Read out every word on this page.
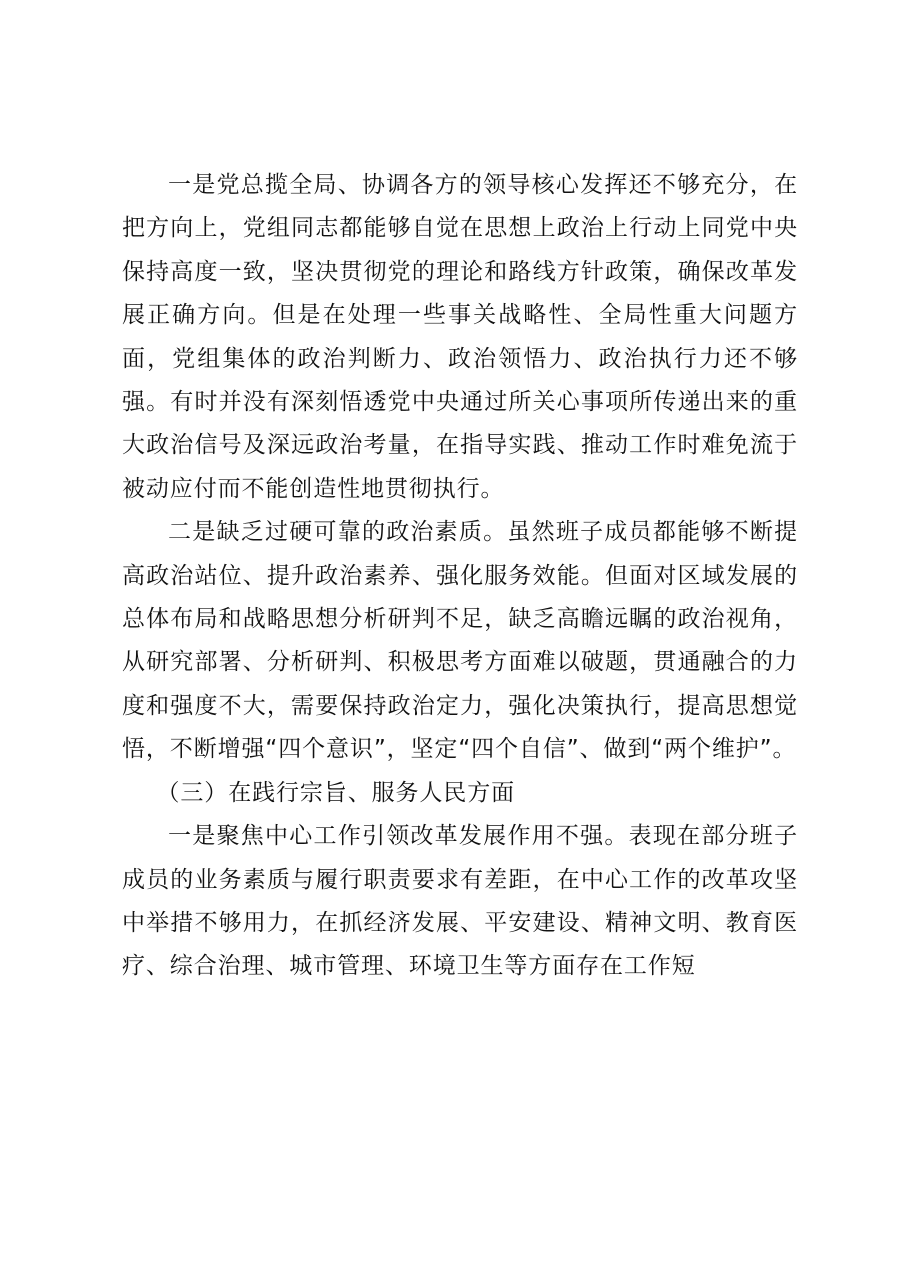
一是党总揽全局、协调各方的领导核心发挥还不够充分，在把方向上，党组同志都能够自觉在思想上政治上行动上同党中央保持高度一致，坚决贯彻党的理论和路线方针政策，确保改革发展正确方向。但是在处理一些事关战略性、全局性重大问题方面，党组集体的政治判断力、政治领悟力、政治执行力还不够强。有时并没有深刻悟透党中央通过所关心事项所传递出来的重大政治信号及深远政治考量，在指导实践、推动工作时难免流于被动应付而不能创造性地贯彻执行。

二是缺乏过硬可靠的政治素质。虽然班子成员都能够不断提高政治站位、提升政治素养、强化服务效能。但面对区域发展的总体布局和战略思想分析研判不足，缺乏高瞻远瞩的政治视角，从研究部署、分析研判、积极思考方面难以破题，贯通融合的力度和强度不大，需要保持政治定力，强化决策执行，提高思想觉悟，不断增强“四个意识”，坚定“四个自信”、做到“两个维护”。

（三）在践行宗旨、服务人民方面

一是聚焦中心工作引领改革发展作用不强。表现在部分班子成员的业务素质与履行职责要求有差距，在中心工作的改革攻坚中举措不够用力，在抓经济发展、平安建设、精神文明、教育医疗、综合治理、城市管理、环境卫生等方面存在工作短
